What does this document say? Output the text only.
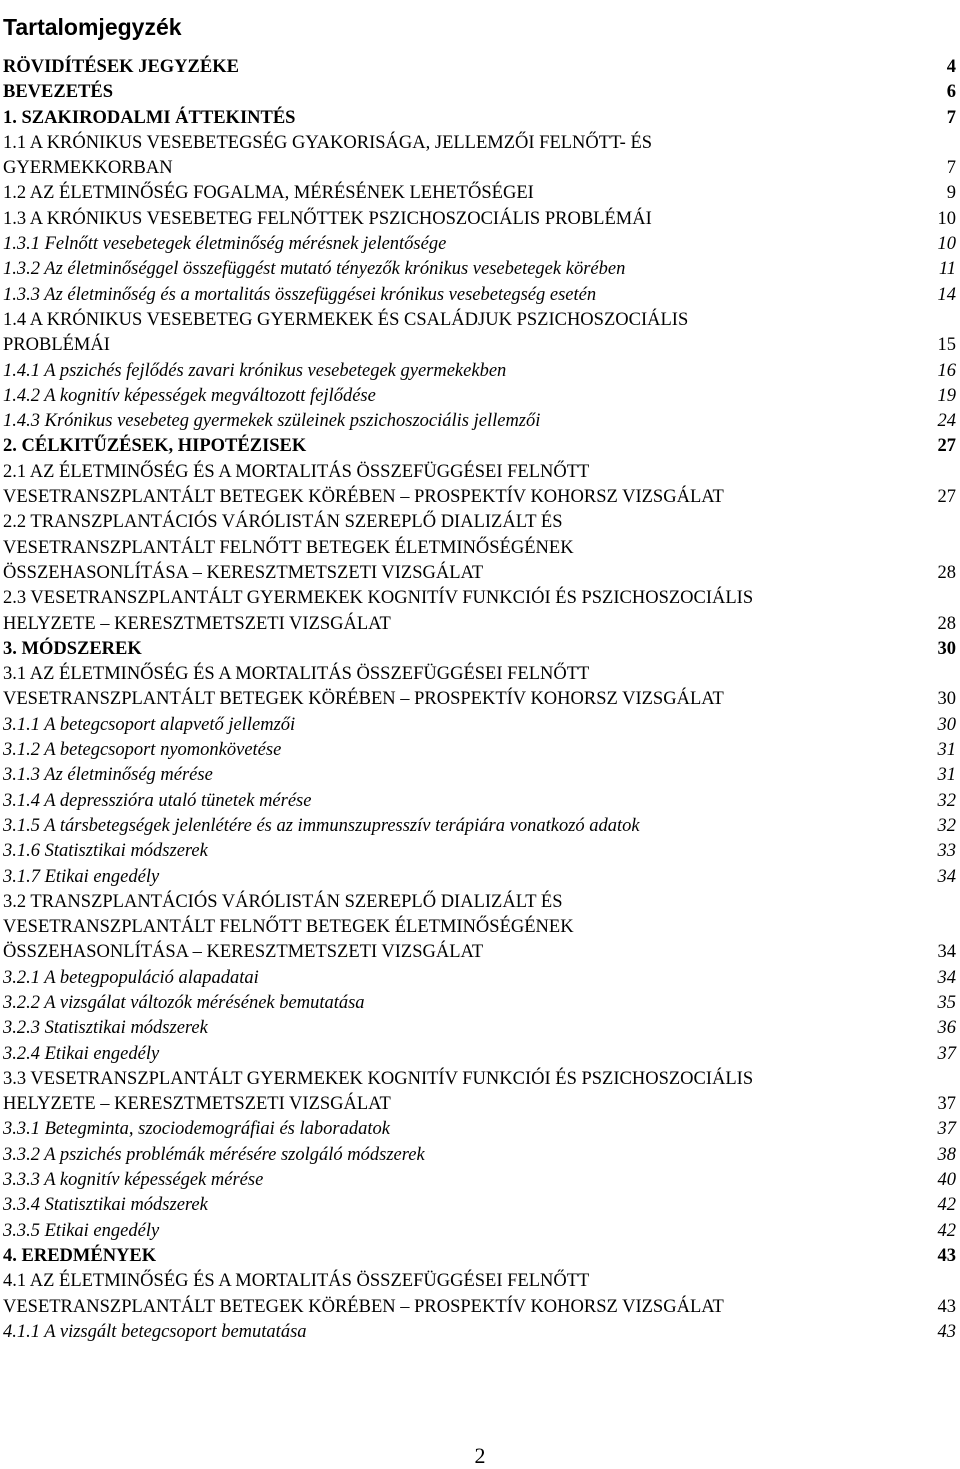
Tartalomjegyzék
RÖVIDÍTÉSEK JEGYZÉKE	4
BEVEZETÉS	6
1. SZAKIRODALMI ÁTTEKINTÉS	7
1.1 A KRÓNIKUS VESEBETEGSÉG GYAKORISÁGA, JELLEMZŐI FELNŐTT- ÉS
GYERMEKKORBAN	7
1.2 AZ ÉLETMINŐSÉG FOGALMA, MÉRÉSÉNEK LEHETŐSÉGEI	9
1.3 A KRÓNIKUS VESEBETEG FELNŐTTEK PSZICHOSZOCIÁLIS PROBLÉMÁI	10
1.3.1 Felnőtt vesebetegek életminőség mérésnek jelentősége	10
1.3.2 Az életminőséggel összefüggést mutató tényezők krónikus vesebetegek körében	11
1.3.3 Az életminőség és a mortalitás összefüggései krónikus vesebetegség esetén	14
1.4 A KRÓNIKUS VESEBETEG GYERMEKEK ÉS CSALÁDJUK PSZICHOSZOCIÁLIS
PROBLÉMÁI	15
1.4.1 A pszichés fejlődés zavari krónikus vesebetegek gyermekekben	16
1.4.2 A kognitív képességek megváltozott fejlődése	19
1.4.3 Krónikus vesebeteg gyermekek szüleinek pszichoszociális jellemzői	24
2. CÉLKITŰZÉSEK, HIPOTÉZISEK	27
2.1 AZ ÉLETMINŐSÉG ÉS A MORTALITÁS ÖSSZEFÜGGÉSEI FELNŐTT
VESETRANSZPLANTÁLT BETEGEK KÖRÉBEN – PROSPEKTÍV KOHORSZ VIZSGÁLAT	27
2.2 TRANSZPLANTÁCIÓS VÁRÓLISTÁN SZEREPLŐ DIALIZÁLT ÉS
VESETRANSZPLANTÁLT FELNŐTT BETEGEK ÉLETMINŐSÉGÉNEK
ÖSSZEHASONLÍTÁSA – KERESZTMETSZETI VIZSGÁLAT	28
2.3 VESETRANSZPLANTÁLT GYERMEKEK KOGNITÍV FUNKCIÓI ÉS PSZICHOSZOCIÁLIS
HELYZETE – KERESZTMETSZETI VIZSGÁLAT	28
3. MÓDSZEREK	30
3.1 AZ ÉLETMINŐSÉG ÉS A MORTALITÁS ÖSSZEFÜGGÉSEI FELNŐTT
VESETRANSZPLANTÁLT BETEGEK KÖRÉBEN – PROSPEKTÍV KOHORSZ VIZSGÁLAT	30
3.1.1 A betegcsoport alapvető jellemzői	30
3.1.2 A betegcsoport nyomonkövetése	31
3.1.3 Az életminőség mérése	31
3.1.4 A depresszióra utaló tünetek mérése	32
3.1.5 A társbetegségek jelenlétére és az immunszupresszív terápiára vonatkozó adatok	32
3.1.6 Statisztikai módszerek	33
3.1.7 Etikai engedély	34
3.2 TRANSZPLANTÁCIÓS VÁRÓLISTÁN SZEREPLŐ DIALIZÁLT ÉS
VESETRANSZPLANTÁLT FELNŐTT BETEGEK ÉLETMINŐSÉGÉNEK
ÖSSZEHASONLÍTÁSA – KERESZTMETSZETI VIZSGÁLAT	34
3.2.1 A betegpopuláció alapadatai	34
3.2.2 A vizsgálat változók mérésének bemutatása	35
3.2.3 Statisztikai módszerek	36
3.2.4 Etikai engedély	37
3.3 VESETRANSZPLANTÁLT GYERMEKEK KOGNITÍV FUNKCIÓI ÉS PSZICHOSZOCIÁLIS
HELYZETE – KERESZTMETSZETI VIZSGÁLAT	37
3.3.1 Betegminta, szociodemográfiai és laboradatok	37
3.3.2 A pszichés problémák mérésére szolgáló módszerek	38
3.3.3 A kognitív képességek mérése	40
3.3.4 Statisztikai módszerek	42
3.3.5 Etikai engedély	42
4. EREDMÉNYEK	43
4.1 AZ ÉLETMINŐSÉG ÉS A MORTALITÁS ÖSSZEFÜGGÉSEI FELNŐTT
VESETRANSZPLANTÁLT BETEGEK KÖRÉBEN – PROSPEKTÍV KOHORSZ VIZSGÁLAT	43
4.1.1 A vizsgált betegcsoport bemutatása	43
2
